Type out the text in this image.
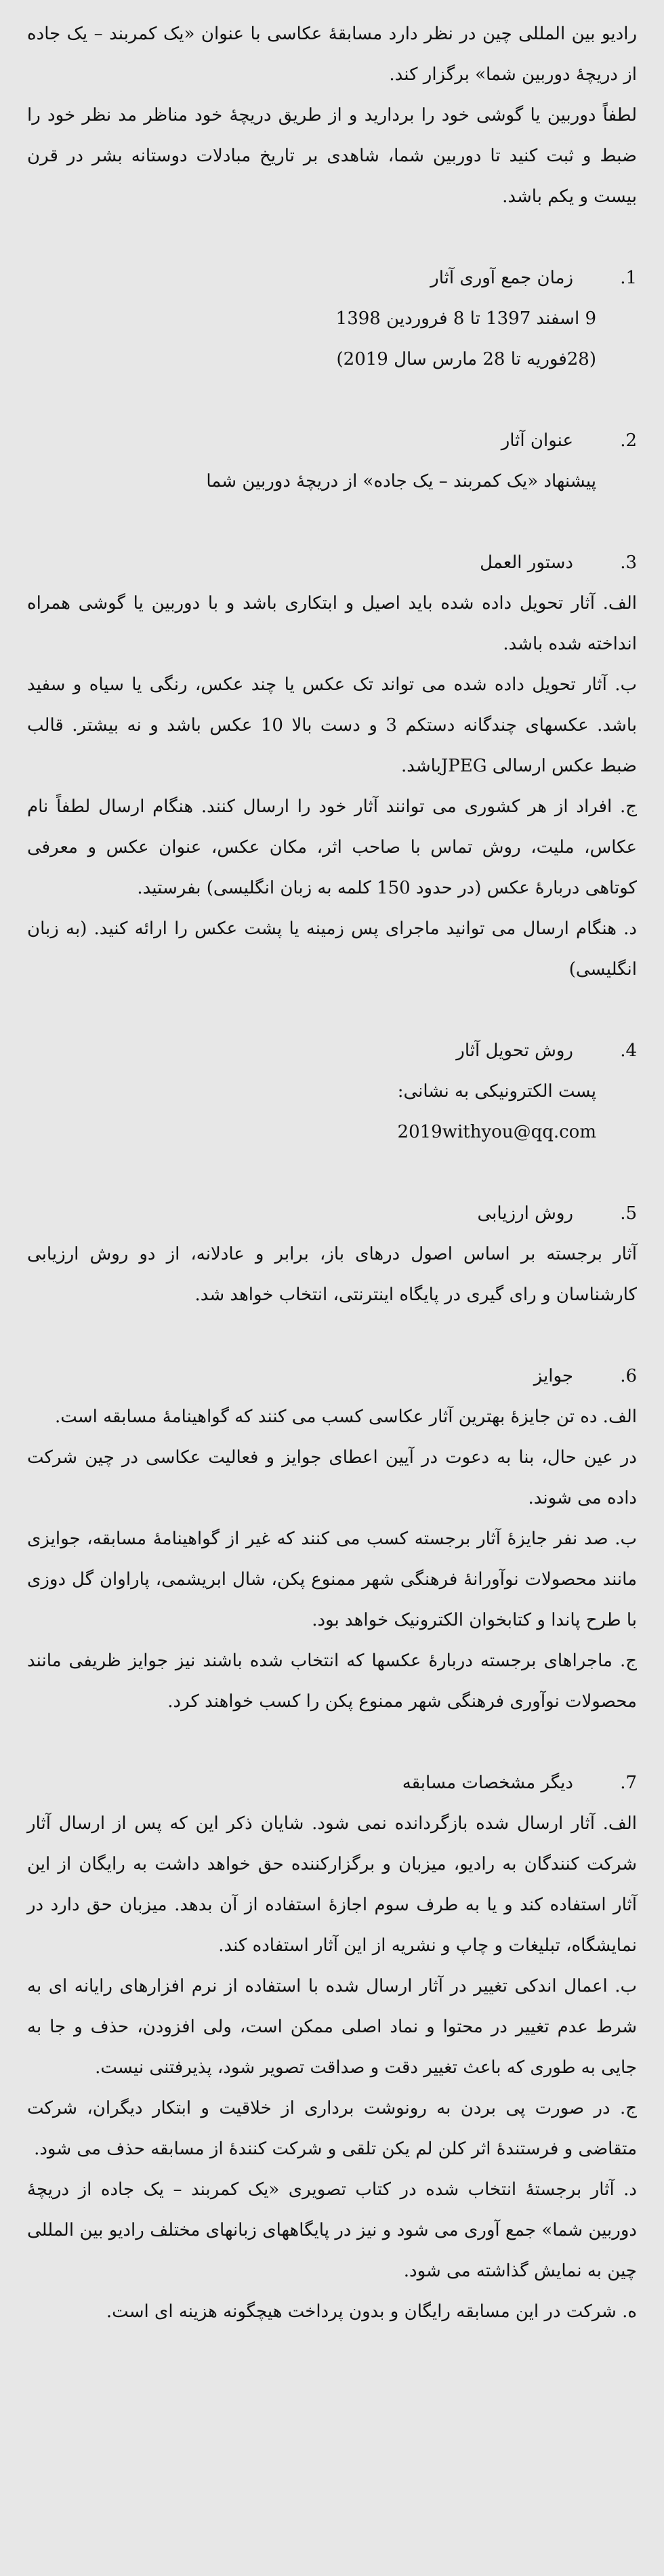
رادیو بین المللی چین در نظر دارد مسابقۀ عکاسی با عنوان «یک کمربند – یک جاده از دریچۀ دوربین شما» برگزار کند.

لطفاً دوربین یا گوشی خود را بردارید و از طریق دریچۀ خود مناظر مد نظر خود را ضبط و ثبت کنید تا دوربین شما، شاهدی بر تاریخ مبادلات دوستانه بشر در قرن بیست و یکم باشد.

1.
زمان جمع آوری آثار

9 اسفند 1397 تا 8 فروردین 1398

(28فوریه تا 28 مارس سال 2019)

2.
عنوان آثار

پیشنهاد «یک کمربند – یک جاده» از دریچۀ دوربین شما

3.
دستور العمل

الف. آثار تحویل داده شده باید اصیل و ابتکاری باشد و با دوربین یا گوشی همراه انداخته شده باشد.

ب. آثار تحویل داده شده می تواند تک عکس یا چند عکس، رنگی یا سیاه و سفید باشد. عکسهای چندگانه دستکم 3 و دست بالا 10 عکس باشد و نه بیشتر. قالب ضبط عکس ارسالی JPEGباشد.

ج. افراد از هر کشوری می توانند آثار خود را ارسال کنند. هنگام ارسال لطفاً نام عکاس، ملیت، روش تماس با صاحب اثر، مکان عکس، عنوان عکس و معرفی کوتاهی دربارۀ عکس (در حدود 150 کلمه به زبان انگلیسی) بفرستید.

د. هنگام ارسال می توانید ماجرای پس زمینه یا پشت عکس را ارائه کنید. (به زبان انگلیسی)

4.
روش تحویل آثار

پست الکترونیکی به نشانی:

2019withyou@qq.com

5.
روش ارزیابی

آثار برجسته بر اساس اصول درهای باز، برابر و عادلانه، از دو روش ارزیابی کارشناسان و رای گیری در پایگاه اینترنتی، انتخاب خواهد شد.

6.
جوایز

الف. ده تن جایزۀ بهترین آثار عکاسی کسب می کنند که گواهینامۀ مسابقه است.

در عین حال، بنا به دعوت در آیین اعطای جوایز و فعالیت عکاسی در چین شرکت داده می شوند.

ب. صد نفر جایزۀ آثار برجسته کسب می کنند که غیر از گواهینامۀ مسابقه، جوایزی مانند محصولات نوآورانۀ فرهنگی شهر ممنوع پکن، شال ابریشمی، پاراوان گل دوزی با طرح پاندا و کتابخوان الکترونیک خواهد بود.

ج. ماجراهای برجسته دربارۀ عکسها که انتخاب شده باشند نیز جوایز ظریفی مانند محصولات نوآوری فرهنگی شهر ممنوع پکن را کسب خواهند کرد.

7.
دیگر مشخصات مسابقه

الف. آثار ارسال شده بازگردانده نمی شود. شایان ذکر این که پس از ارسال آثار شرکت کنندگان به رادیو، میزبان و برگزارکننده حق خواهد داشت به رایگان از این آثار استفاده کند و یا به طرف سوم اجازۀ استفاده از آن بدهد. میزبان حق دارد در نمایشگاه، تبلیغات و چاپ و نشریه از این آثار استفاده کند.

ب. اعمال اندکی تغییر در آثار ارسال شده با استفاده از نرم افزارهای رایانه ای به شرط عدم تغییر در محتوا و نماد اصلی ممکن است، ولی افزودن، حذف و جا به جایی به طوری که باعث تغییر دقت و صداقت تصویر شود، پذیرفتنی نیست.

ج. در صورت پی بردن به رونوشت برداری از خلاقیت و ابتکار دیگران، شرکت متقاضی و فرستندۀ اثر کلن لم یکن تلقی و شرکت کنندۀ از مسابقه حذف می شود.

د. آثار برجستۀ انتخاب شده در کتاب تصویری «یک کمربند – یک جاده از دریچۀ دوربین شما» جمع آوری می شود و نیز در پایگاههای زبانهای مختلف رادیو بین المللی چین به نمایش گذاشته می شود.

ه. شرکت در این مسابقه رایگان و بدون پرداخت هیچگونه هزینه ای است.
